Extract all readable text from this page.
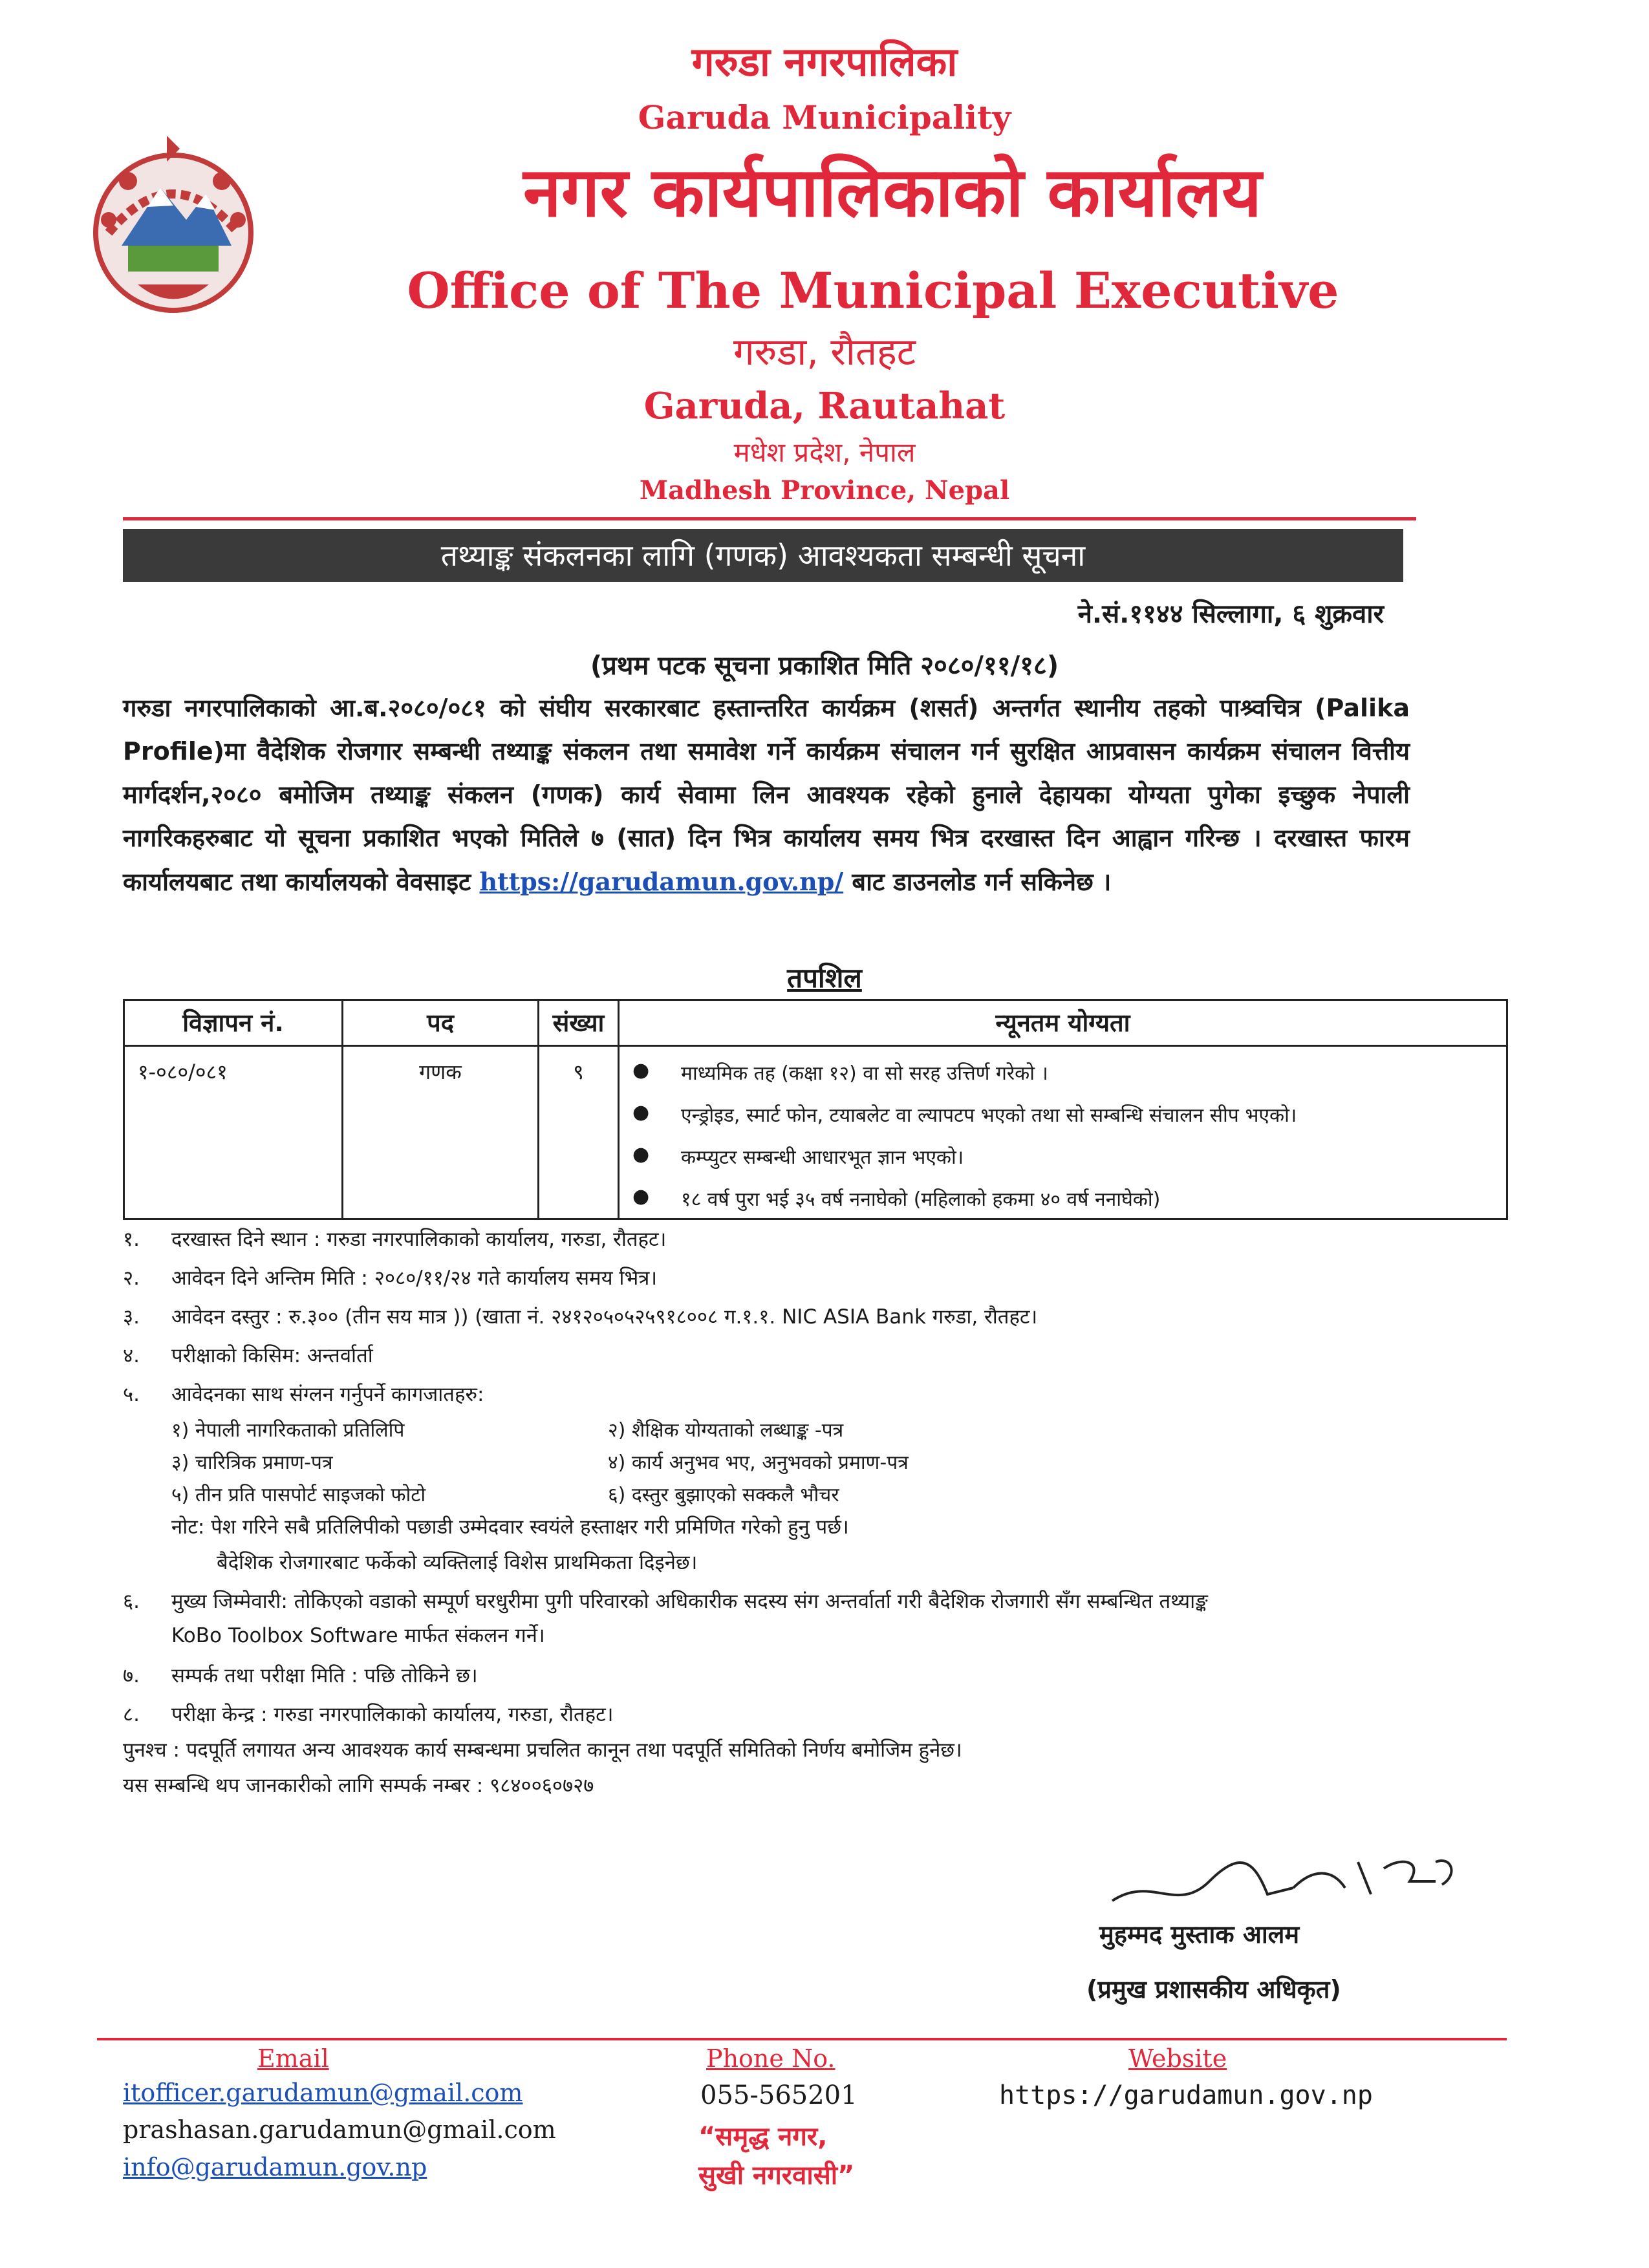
गरुडा नगरपालिका
Garuda Municipality
नगर कार्यपालिकाको कार्यालय
Office of The Municipal Executive
गरुडा, रौतहट
Garuda, Rautahat
मधेश प्रदेश, नेपाल
Madhesh Province, Nepal
तथ्याङ्क संकलनका लागि (गणक) आवश्यकता सम्बन्धी सूचना
ने.सं.११४४ सिल्लागा, ६ शुक्रवार
(प्रथम पटक सूचना प्रकाशित मिति २०८०/११/१८)
गरुडा नगरपालिकाको आ.ब.२०८०/०८१ को संघीय सरकारबाट हस्तान्तरित कार्यक्रम (शसर्त) अन्तर्गत स्थानीय तहको पाश्र्वचित्र (Palika Profile)मा वैदेशिक रोजगार सम्बन्धी तथ्याङ्क संकलन तथा समावेश गर्ने कार्यक्रम संचालन गर्न सुरक्षित आप्रवासन कार्यक्रम संचालन वित्तीय मार्गदर्शन,२०८० बमोजिम तथ्याङ्क संकलन (गणक) कार्य सेवामा लिन आवश्यक रहेको हुनाले देहायका योग्यता पुगेका इच्छुक नेपाली नागरिकहरुबाट यो सूचना प्रकाशित भएको मितिले ७ (सात) दिन भित्र कार्यालय समय भित्र दरखास्त दिन आह्वान गरिन्छ । दरखास्त फारम कार्यालयबाट तथा कार्यालयको वेवसाइट https://garudamun.gov.np/ बाट डाउनलोड गर्न सकिनेछ ।
तपशिल
विज्ञापन नं.	पद	संख्या	न्यूनतम योग्यता
१-०८०/०८१	गणक	९	● माध्यमिक तह (कक्षा १२) वा सो सरह उत्तिर्ण गरेको ।
● एन्ड्रोइड, स्मार्ट फोन, टयाबलेट वा ल्यापटप भएको तथा सो सम्बन्धि संचालन सीप भएको।
● कम्प्युटर सम्बन्धी आधारभूत ज्ञान भएको।
● १८ वर्ष पुरा भई ३५ वर्ष ननाघेको (महिलाको हकमा ४० वर्ष ननाघेको)
१. दरखास्त दिने स्थान : गरुडा नगरपालिकाको कार्यालय, गरुडा, रौतहट।
२. आवेदन दिने अन्तिम मिति : २०८०/११/२४ गते कार्यालय समय भित्र।
३. आवेदन दस्तुर : रु.३०० (तीन सय मात्र )) (खाता नं. २४१२०५०५२५९१८००८ ग.१.१. NIC ASIA Bank गरुडा, रौतहट।
४. परीक्षाको किसिम: अन्तर्वार्ता
५. आवेदनका साथ संग्लन गर्नुपर्ने कागजातहरु:
१) नेपाली नागरिकताको प्रतिलिपि	२) शैक्षिक योग्यताको लब्धाङ्क -पत्र
३) चारित्रिक प्रमाण-पत्र	४) कार्य अनुभव भए, अनुभवको प्रमाण-पत्र
५) तीन प्रति पासपोर्ट साइजको फोटो	६) दस्तुर बुझाएको सक्कलै भौचर
नोट: पेश गरिने सबै प्रतिलिपीको पछाडी उम्मेदवार स्वयंले हस्ताक्षर गरी प्रमिणित गरेको हुनु पर्छ।
बैदेशिक रोजगारबाट फर्केको व्यक्तिलाई विशेस प्राथमिकता दिइनेछ।
६. मुख्य जिम्मेवारी: तोकिएको वडाको सम्पूर्ण घरधुरीमा पुगी परिवारको अधिकारीक सदस्य संग अन्तर्वार्ता गरी बैदेशिक रोजगारी सँग सम्बन्धित तथ्याङ्क
KoBo Toolbox Software मार्फत संकलन गर्ने।
७. सम्पर्क तथा परीक्षा मिति : पछि तोकिने छ।
८. परीक्षा केन्द्र : गरुडा नगरपालिकाको कार्यालय, गरुडा, रौतहट।
पुनश्च : पदपूर्ति लगायत अन्य आवश्यक कार्य सम्बन्धमा प्रचलित कानून तथा पदपूर्ति समितिको निर्णय बमोजिम हुनेछ।
यस सम्बन्धि थप जानकारीको लागि सम्पर्क नम्बर : ९८४००६०७२७
मुहम्मद मुस्ताक आलम
(प्रमुख प्रशासकीय अधिकृत)
Email	Phone No.	Website
itofficer.garudamun@gmail.com
prashasan.garudamun@gmail.com
info@garudamun.gov.np
055-565201
“समृद्ध नगर,
सुखी नगरवासी”
https://garudamun.gov.np
